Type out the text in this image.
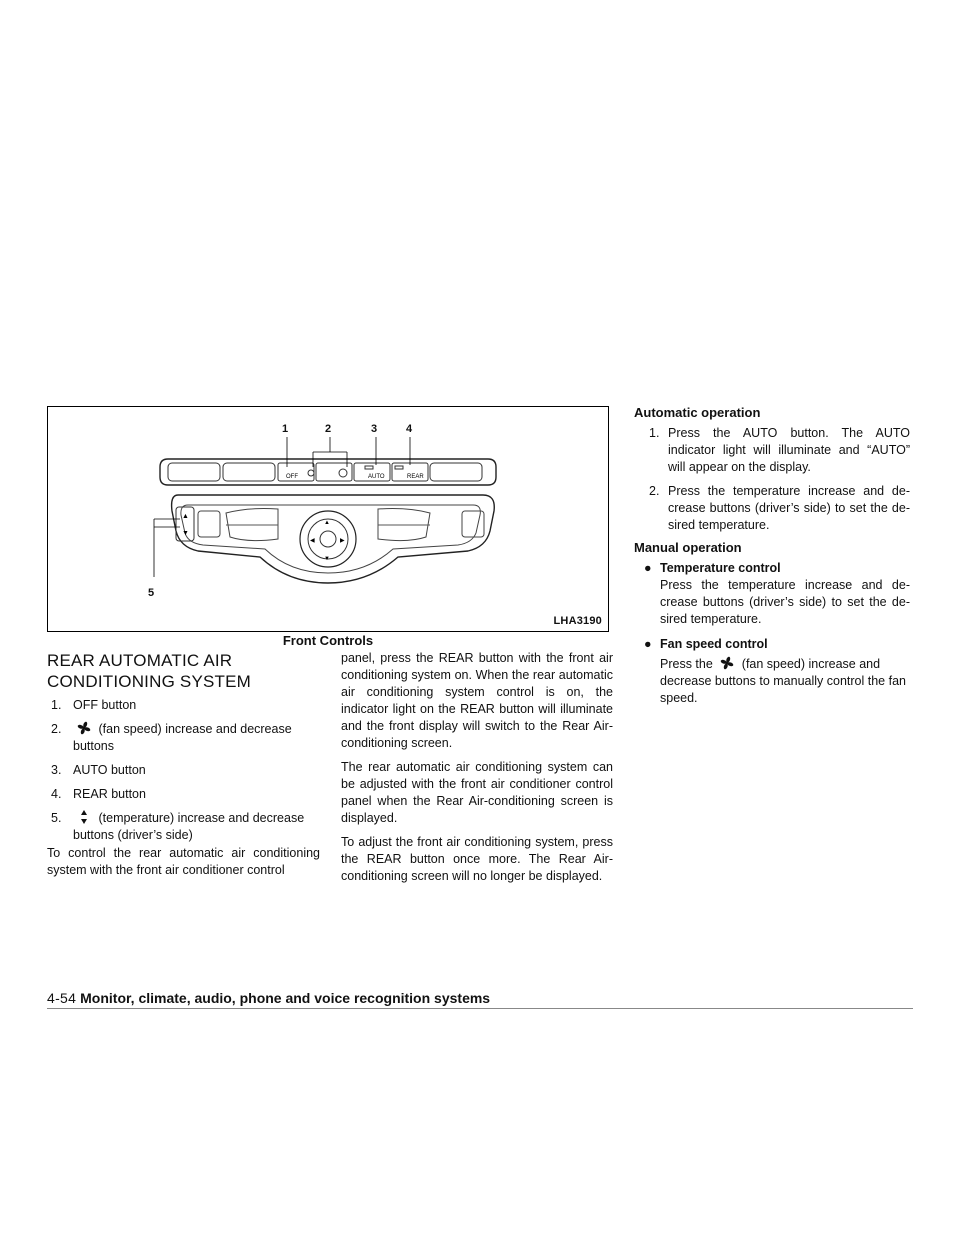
OFF	AUTO	REAR
▲
▼
▲
▼
◀	▶
1	2	3	4
5
LHA3190
Front Controls
REAR AUTOMATIC AIR
CONDITIONING SYSTEM
1. OFF button
2.	(fan speed) increase and decrease buttons
3. AUTO button
4. REAR button
5.	(temperature) increase and decrease buttons (driver’s side)
To control the rear automatic air conditioning system with the front air conditioner control

panel, press the REAR button with the front air conditioning system on. When the rear automatic air conditioning system control is on, the indicator light on the REAR button will illuminate and the front display will switch to the Rear Air-conditioning screen.

The rear automatic air conditioning system can be adjusted with the front air conditioner control panel when the Rear Air-conditioning screen is displayed.

To adjust the front air conditioning system, press the REAR button once more. The Rear Air-conditioning screen will no longer be displayed.

Automatic operation
1. Press the AUTO button. The AUTO indicator light will illuminate and “AUTO” will appear on the display.
2. Press the temperature increase and de-crease buttons (driver’s side) to set the de-sired temperature.
Manual operation
● Temperature control
Press the temperature increase and de-crease buttons (driver’s side) to set the de-sired temperature.
● Fan speed control
Press the (fan speed) increase and decrease buttons to manually control the fan speed.
4-54 Monitor, climate, audio, phone and voice recognition systems
